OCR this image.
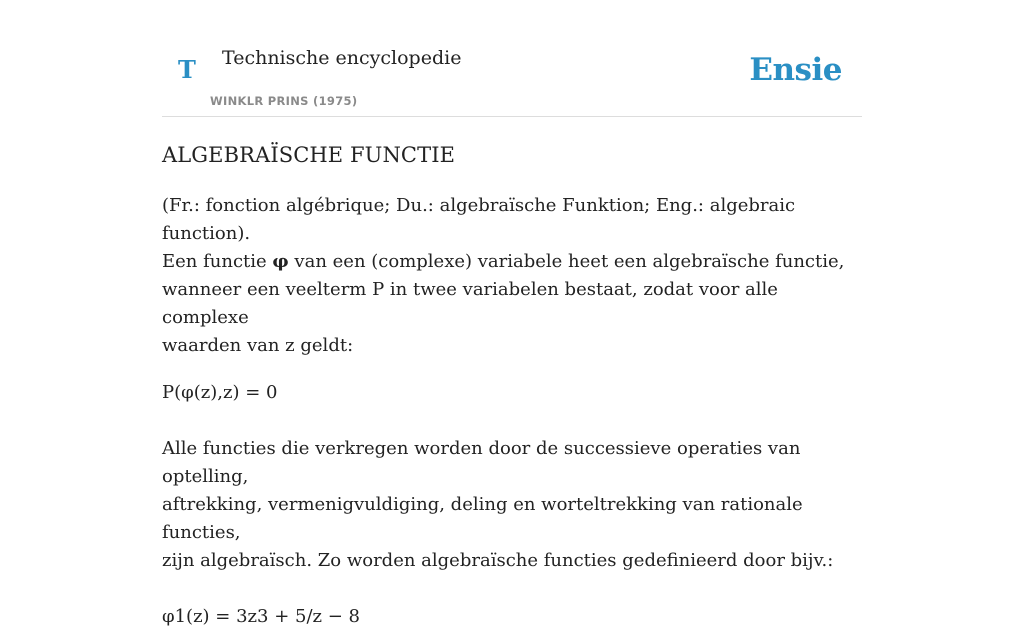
T Technische encyclopedie
WINKLR PRINS (1975)
Ensie
ALGEBRAÏSCHE FUNCTIE

(Fr.: fonction algébrique; Du.: algebraïsche Funktion; Eng.: algebraic function).
Een functie φ van een (complexe) variabele heet een algebraïsche functie,
wanneer een veelterm P in twee variabelen bestaat, zodat voor alle complexe
waarden van z geldt:

P(φ(z),z) = 0

Alle functies die verkregen worden door de successieve operaties van optelling,
aftrekking, vermenigvuldiging, deling en worteltrekking van rationale functies,
zijn algebraïsch. Zo worden algebraïsche functies gedefinieerd door bijv.:

φ1(z) = 3z3 + 5/z − 8
